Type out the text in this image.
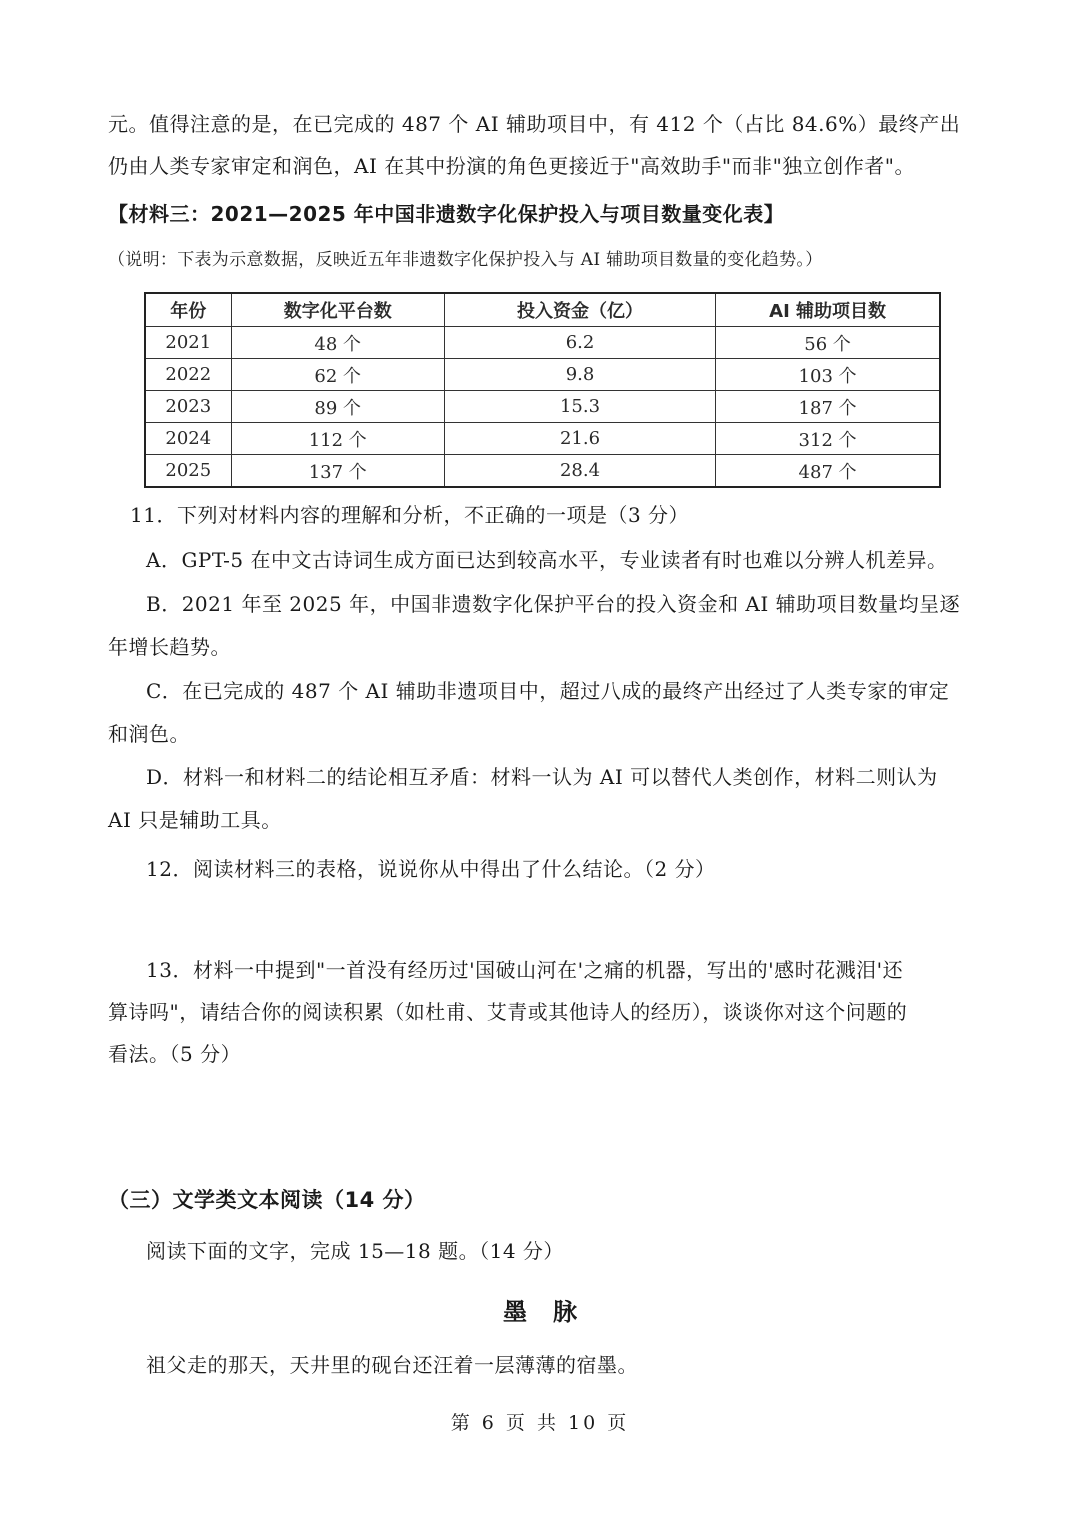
元。值得注意的是，在已完成的 487 个 AI 辅助项目中，有 412 个（占比 84.6%）最终产出
仍由人类专家审定和润色，AI 在其中扮演的角色更接近于"高效助手"而非"独立创作者"。
【材料三：2021—2025 年中国非遗数字化保护投入与项目数量变化表】
（说明：下表为示意数据，反映近五年非遗数字化保护投入与 AI 辅助项目数量的变化趋势。）
年份	数字化平台数	投入资金（亿）	AI 辅助项目数
2021	48 个	6.2	56 个
2022	62 个	9.8	103 个
2023	89 个	15.3	187 个
2024	112 个	21.6	312 个
2025	137 个	28.4	487 个
11．下列对材料内容的理解和分析，不正确的一项是（3 分）
A．GPT-5 在中文古诗词生成方面已达到较高水平，专业读者有时也难以分辨人机差异。
B．2021 年至 2025 年，中国非遗数字化保护平台的投入资金和 AI 辅助项目数量均呈逐
年增长趋势。
C．在已完成的 487 个 AI 辅助非遗项目中，超过八成的最终产出经过了人类专家的审定
和润色。
D．材料一和材料二的结论相互矛盾：材料一认为 AI 可以替代人类创作，材料二则认为
AI 只是辅助工具。
12．阅读材料三的表格，说说你从中得出了什么结论。（2 分）
13．材料一中提到"一首没有经历过'国破山河在'之痛的机器，写出的'感时花溅泪'还
算诗吗"，请结合你的阅读积累（如杜甫、艾青或其他诗人的经历），谈谈你对这个问题的
看法。（5 分）
（三）文学类文本阅读（14 分）
阅读下面的文字，完成 15—18 题。（14 分）
墨脉
祖父走的那天，天井里的砚台还汪着一层薄薄的宿墨。
第 6 页 共 10 页
